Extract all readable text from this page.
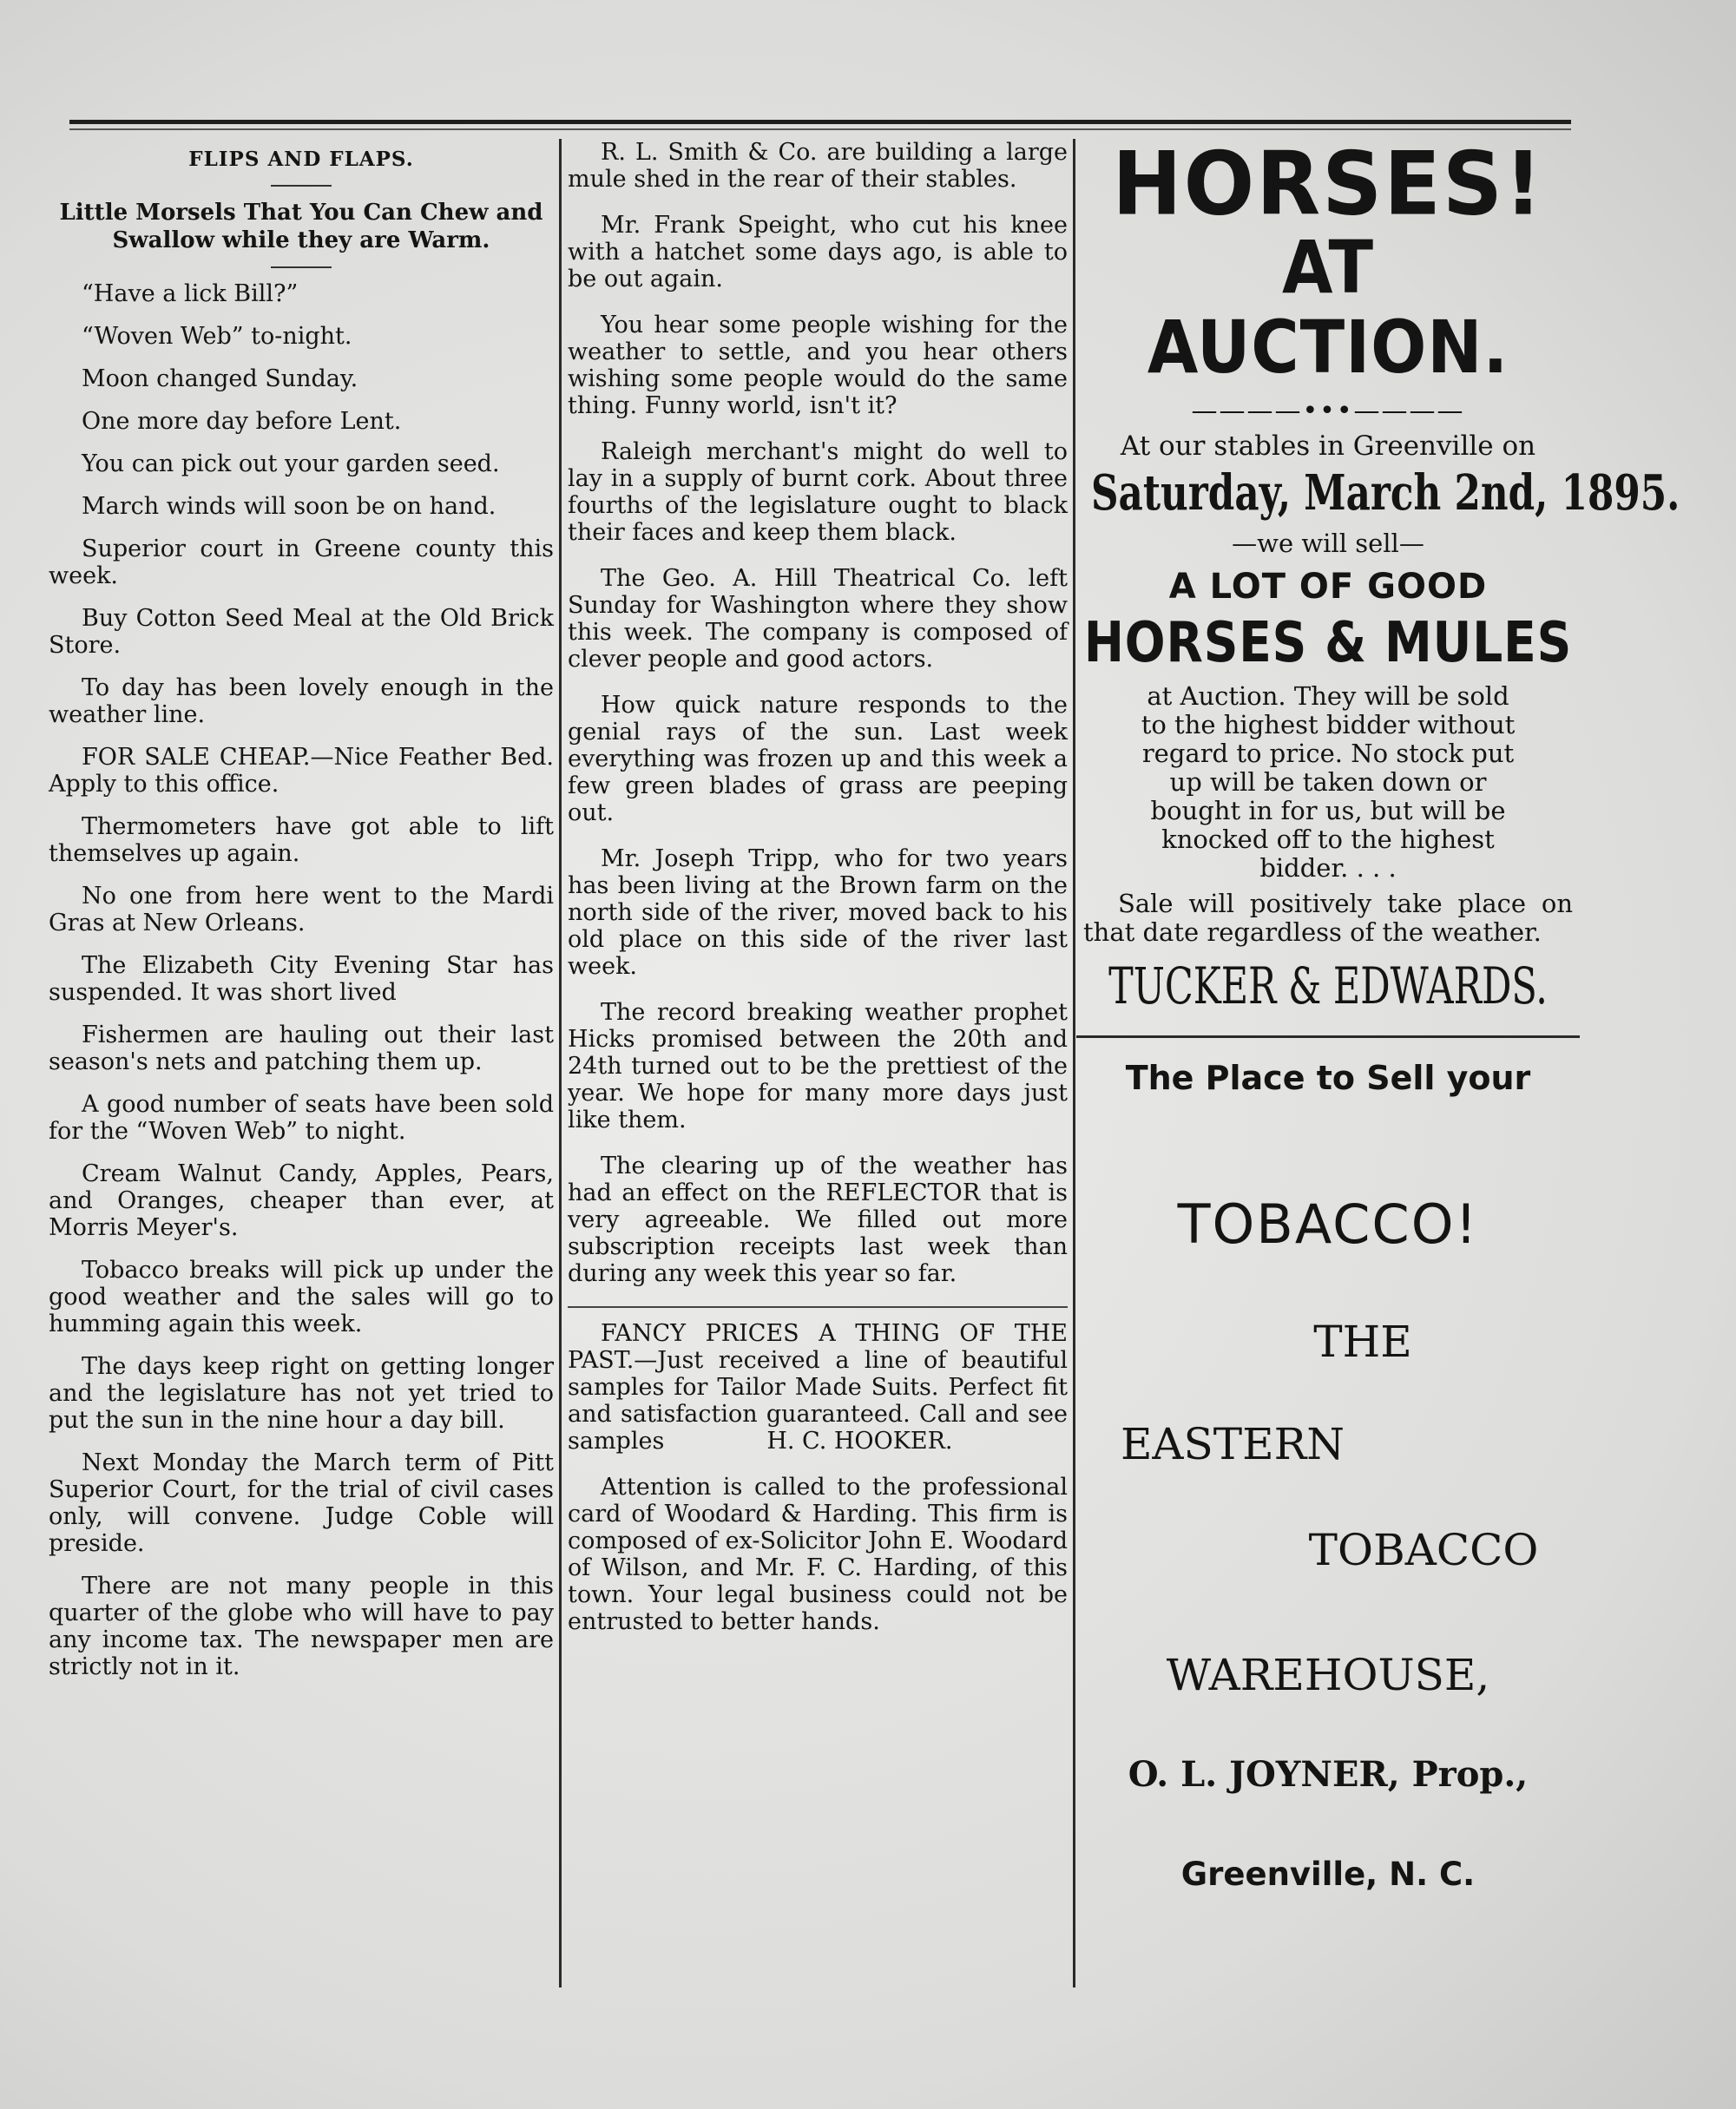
FLIPS AND FLAPS.
Little Morsels That You Can Chew and Swallow while they are Warm.

“Have a lick Bill?”

“Woven Web” to-night.

Moon changed Sunday.

One more day before Lent.

You can pick out your garden seed.

March winds will soon be on hand.

Superior court in Greene county this week.

Buy Cotton Seed Meal at the Old Brick Store.

To day has been lovely enough in the weather line.

FOR SALE CHEAP.—Nice Feather Bed. Apply to this office.

Thermometers have got able to lift themselves up again.

No one from here went to the Mardi Gras at New Orleans.

The Elizabeth City Evening Star has suspended. It was short lived

Fishermen are hauling out their last season's nets and patching them up.

A good number of seats have been sold for the “Woven Web” to night.

Cream Walnut Candy, Apples, Pears, and Oranges, cheaper than ever, at Morris Meyer's.

Tobacco breaks will pick up under the good weather and the sales will go to humming again this week.

The days keep right on getting longer and the legislature has not yet tried to put the sun in the nine hour a day bill.

Next Monday the March term of Pitt Superior Court, for the trial of civil cases only, will convene. Judge Coble will preside.

There are not many people in this quarter of the globe who will have to pay any income tax. The newspaper men are strictly not in it.

R. L. Smith & Co. are building a large mule shed in the rear of their stables.

Mr. Frank Speight, who cut his knee with a hatchet some days ago, is able to be out again.

You hear some people wishing for the weather to settle, and you hear others wishing some people would do the same thing. Funny world, isn't it?

Raleigh merchant's might do well to lay in a supply of burnt cork. About three fourths of the legislature ought to black their faces and keep them black.

The Geo. A. Hill Theatrical Co. left Sunday for Washington where they show this week. The company is composed of clever people and good actors.

How quick nature responds to the genial rays of the sun. Last week everything was frozen up and this week a few green blades of grass are peeping out.

Mr. Joseph Tripp, who for two years has been living at the Brown farm on the north side of the river, moved back to his old place on this side of the river last week.

The record breaking weather prophet Hicks promised between the 20th and 24th turned out to be the prettiest of the year. We hope for many more days just like them.

The clearing up of the weather has had an effect on the REFLECTOR that is very agreeable. We filled out more subscription receipts last week than during any week this year so far.

FANCY PRICES A THING OF THE PAST.—Just received a line of beautiful samples for Tailor Made Suits. Perfect fit and satisfaction guaranteed. Call and see samples	H. C. HOOKER.

Attention is called to the professional card of Woodard & Harding. This firm is composed of ex-Solicitor John E. Woodard of Wilson, and Mr. F. C. Harding, of this town. Your legal business could not be entrusted to better hands.

HORSES!
AT AUCTION.
————•••————
At our stables in Greenville on
Saturday, March 2nd, 1895.
—we will sell—
A LOT OF GOOD
HORSES & MULES
at Auction. They will be sold to the highest bidder without regard to price. No stock put up will be taken down or bought in for us, but will be knocked off to the highest bidder. . . .
Sale will positively take place on that date regardless of the weather.
TUCKER & EDWARDS.
The Place to Sell your
TOBACCO!
THE
EASTERN
TOBACCO
WAREHOUSE,
O. L. JOYNER, Prop.,
Greenville, N. C.
